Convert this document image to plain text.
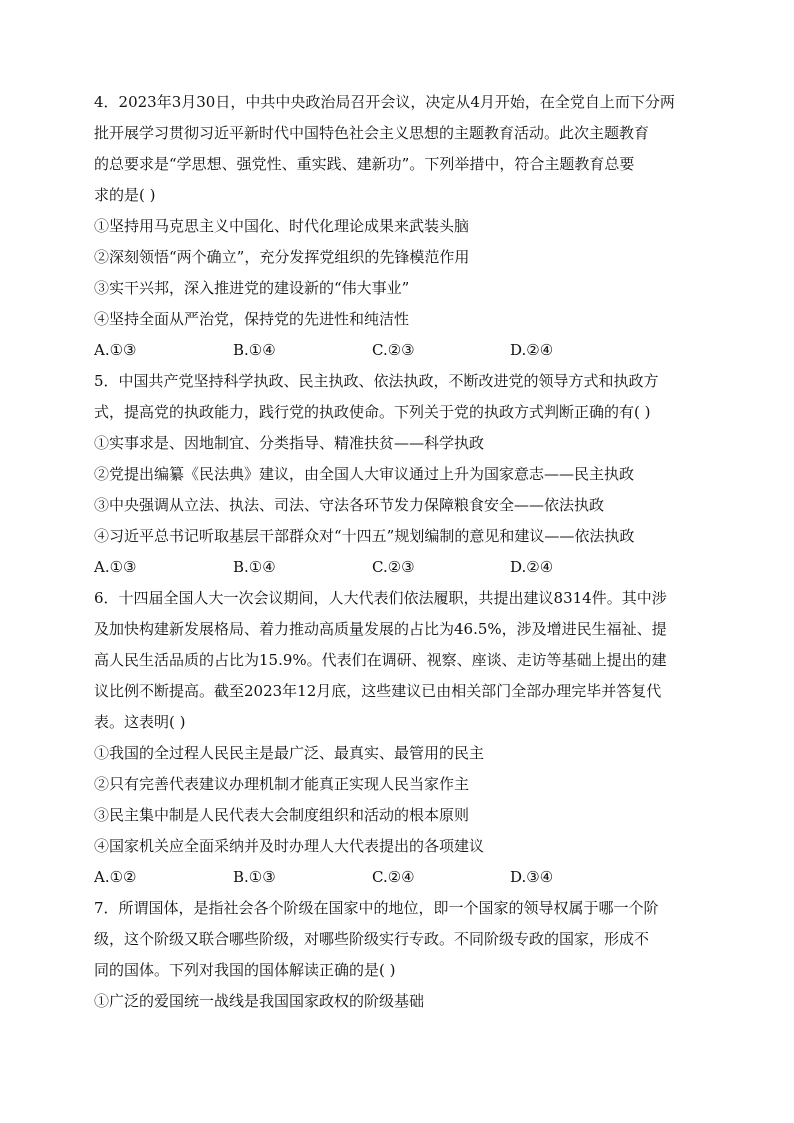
4．2023年3月30日，中共中央政治局召开会议，决定从4月开始，在全党自上而下分两
批开展学习贯彻习近平新时代中国特色社会主义思想的主题教育活动。此次主题教育
的总要求是“学思想、强党性、重实践、建新功”。下列举措中，符合主题教育总要
求的是( )
①坚持用马克思主义中国化、时代化理论成果来武装头脑
②深刻领悟“两个确立”，充分发挥党组织的先锋模范作用
③实干兴邦，深入推进党的建设新的“伟大事业”
④坚持全面从严治党，保持党的先进性和纯洁性
A.①③	B.①④	C.②③	D.②④
5．中国共产党坚持科学执政、民主执政、依法执政，不断改进党的领导方式和执政方
式，提高党的执政能力，践行党的执政使命。下列关于党的执政方式判断正确的有( )
①实事求是、因地制宜、分类指导、精准扶贫——科学执政
②党提出编纂《民法典》建议，由全国人大审议通过上升为国家意志——民主执政
③中央强调从立法、执法、司法、守法各环节发力保障粮食安全——依法执政
④习近平总书记听取基层干部群众对“十四五”规划编制的意见和建议——依法执政
A.①③	B.①④	C.②③	D.②④
6．十四届全国人大一次会议期间，人大代表们依法履职，共提出建议8314件。其中涉
及加快构建新发展格局、着力推动高质量发展的占比为46.5%，涉及增进民生福祉、提
高人民生活品质的占比为15.9%。代表们在调研、视察、座谈、走访等基础上提出的建
议比例不断提高。截至2023年12月底，这些建议已由相关部门全部办理完毕并答复代
表。这表明( )
①我国的全过程人民民主是最广泛、最真实、最管用的民主
②只有完善代表建议办理机制才能真正实现人民当家作主
③民主集中制是人民代表大会制度组织和活动的根本原则
④国家机关应全面采纳并及时办理人大代表提出的各项建议
A.①②	B.①③	C.②④	D.③④
7．所谓国体，是指社会各个阶级在国家中的地位，即一个国家的领导权属于哪一个阶
级，这个阶级又联合哪些阶级，对哪些阶级实行专政。不同阶级专政的国家，形成不
同的国体。下列对我国的国体解读正确的是( )
①广泛的爱国统一战线是我国国家政权的阶级基础
